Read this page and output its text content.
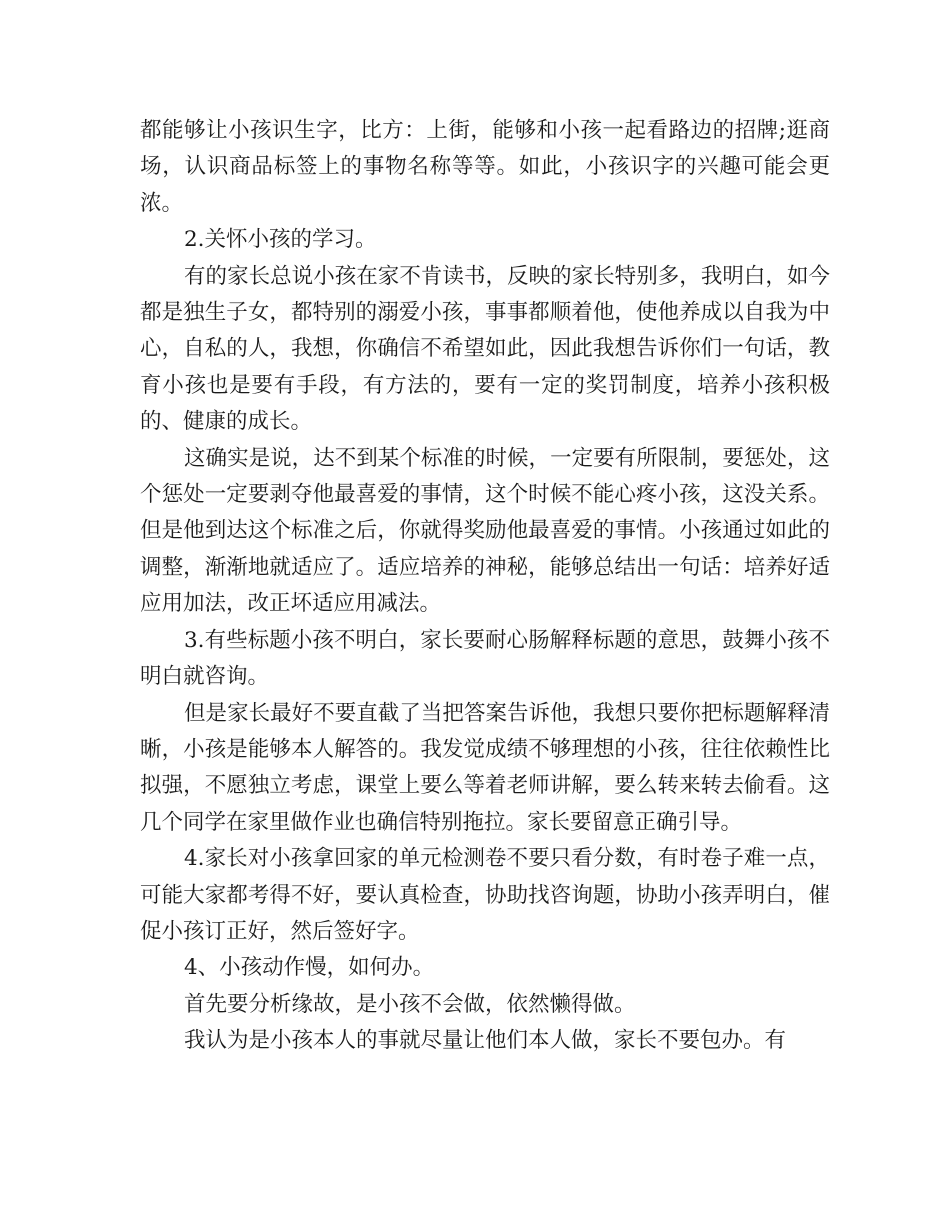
都能够让小孩识生字，比方：上街，能够和小孩一起看路边的招牌;逛商场，认识商品标签上的事物名称等等。如此，小孩识字的兴趣可能会更浓。

2.关怀小孩的学习。

有的家长总说小孩在家不肯读书，反映的家长特别多，我明白，如今都是独生子女，都特别的溺爱小孩，事事都顺着他，使他养成以自我为中心，自私的人，我想，你确信不希望如此，因此我想告诉你们一句话，教育小孩也是要有手段，有方法的，要有一定的奖罚制度，培养小孩积极的、健康的成长。

这确实是说，达不到某个标准的时候，一定要有所限制，要惩处，这个惩处一定要剥夺他最喜爱的事情，这个时候不能心疼小孩，这没关系。但是他到达这个标准之后，你就得奖励他最喜爱的事情。小孩通过如此的调整，渐渐地就适应了。适应培养的神秘，能够总结出一句话：培养好适应用加法，改正坏适应用减法。

3.有些标题小孩不明白，家长要耐心肠解释标题的意思，鼓舞小孩不明白就咨询。

但是家长最好不要直截了当把答案告诉他，我想只要你把标题解释清晰，小孩是能够本人解答的。我发觉成绩不够理想的小孩，往往依赖性比拟强，不愿独立考虑，课堂上要么等着老师讲解，要么转来转去偷看。这几个同学在家里做作业也确信特别拖拉。家长要留意正确引导。

4.家长对小孩拿回家的单元检测卷不要只看分数，有时卷子难一点，可能大家都考得不好，要认真检查，协助找咨询题，协助小孩弄明白，催促小孩订正好，然后签好字。

4、小孩动作慢，如何办。

首先要分析缘故，是小孩不会做，依然懒得做。

我认为是小孩本人的事就尽量让他们本人做，家长不要包办。有
